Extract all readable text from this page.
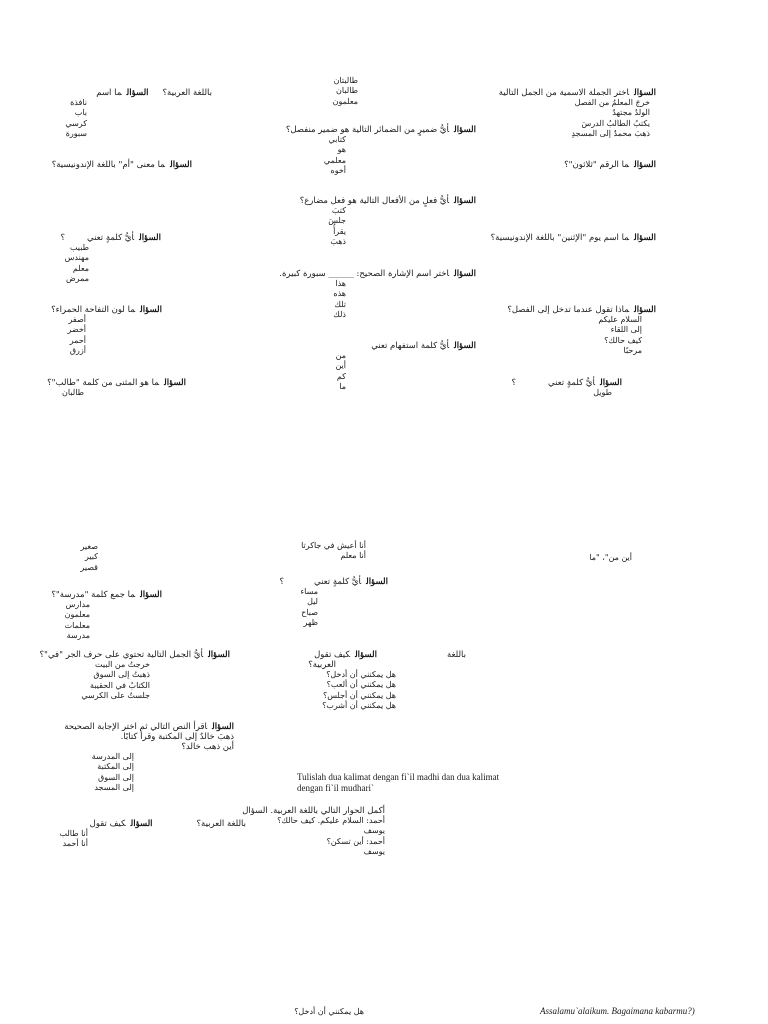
السؤالاختر الجملة الاسمية من الجمل التالية
خرجَ المعلمُ من الفصل
الولدُ مجتهدٌ
يكتبُ الطالبُ الدرسَ
ذهبَ محمدٌ إلى المسجدِ
السؤالما الرقم "ثلاثون"؟
السؤالما اسم يوم "الإثنين" باللغة الإندونيسية؟
السؤالماذا تقول عندما تدخل إلى الفصل؟
السلام عليكم
إلى اللقاء
كيف حالك؟
مرحبًا
السؤالأيُّ كلمةٍ تعني؟
طويل
أين من"، "ما
طالبتان
طالبان
معلمون
السؤالأيُّ ضميرٍ من الضمائر التالية هو ضمير منفصل؟
كتابي
هو
معلمي
أخوه
السؤالأيُّ فعلٍ من الأفعال التالية هو فعل مضارع؟
كتبَ
جلسَ
يقرأُ
ذهبَ
السؤالاختر اسم الإشارة الصحيح: ______ سبورة كبيرة.
هذا
هذه
تلك
ذلك
السؤالأيُّ كلمة استفهام تعني
من
أين
كم
ما
أنا أعيش في جاكرتا
أنا معلم
السؤالأيُّ كلمةٍ تعني؟
مساء
ليل
صباح
ظهر
باللغةالسؤالكيف تقول
العربية؟
هل يمكنني أن أدخل؟
هل يمكنني أن ألعب؟
هل يمكنني أن أجلس؟
هل يمكنني أن أشرب؟
Tulislah dua kalimat dengan fi`il madhi dan dua kalimat dengan fi`il mudhari`
أكمل الحوار التالي باللغة العربية. السؤال
أحمد: السلام عليكم. كيف حالك؟
يوسف
أحمد: أين تسكن؟
يوسف
هل يمكنني أن أدخل؟
باللغة العربية؟السؤالما اسم
نافذة
باب
كرسي
سبورة
السؤالما معنى "أم" باللغة الإندونيسية؟
السؤالأيُّ كلمةٍ تعني؟
طبيب
مهندس
معلم
ممرض
السؤالما لون التفاحة الحمراء؟
أصفر
أخضر
أحمر
أزرق
السؤالما هو المثنى من كلمة "طالب"؟
طالبان
صغير
كبير
قصير
السؤالما جمع كلمة "مدرسة"؟
مدارس
معلمون
معلمات
مدرسة
السؤالأيُّ الجمل التالية تحتوي على حرف الجر "في"؟
خرجتُ من البيت
ذهبتُ إلى السوق
الكتابُ في الحقيبة
جلستُ على الكرسي
السؤالاقرأ النص التالي ثم اختر الإجابة الصحيحة
ذهبَ خالدٌ إلى المكتبة وقرأ كتابًا.
أين ذهب خالد؟
إلى المدرسة
إلى المكتبة
إلى السوق
إلى المسجد
باللغة العربية؟السؤالكيف تقول
أنا طالب
أنا أحمد
Assalamu`alaikum. Bagaimana kabarmu?)
